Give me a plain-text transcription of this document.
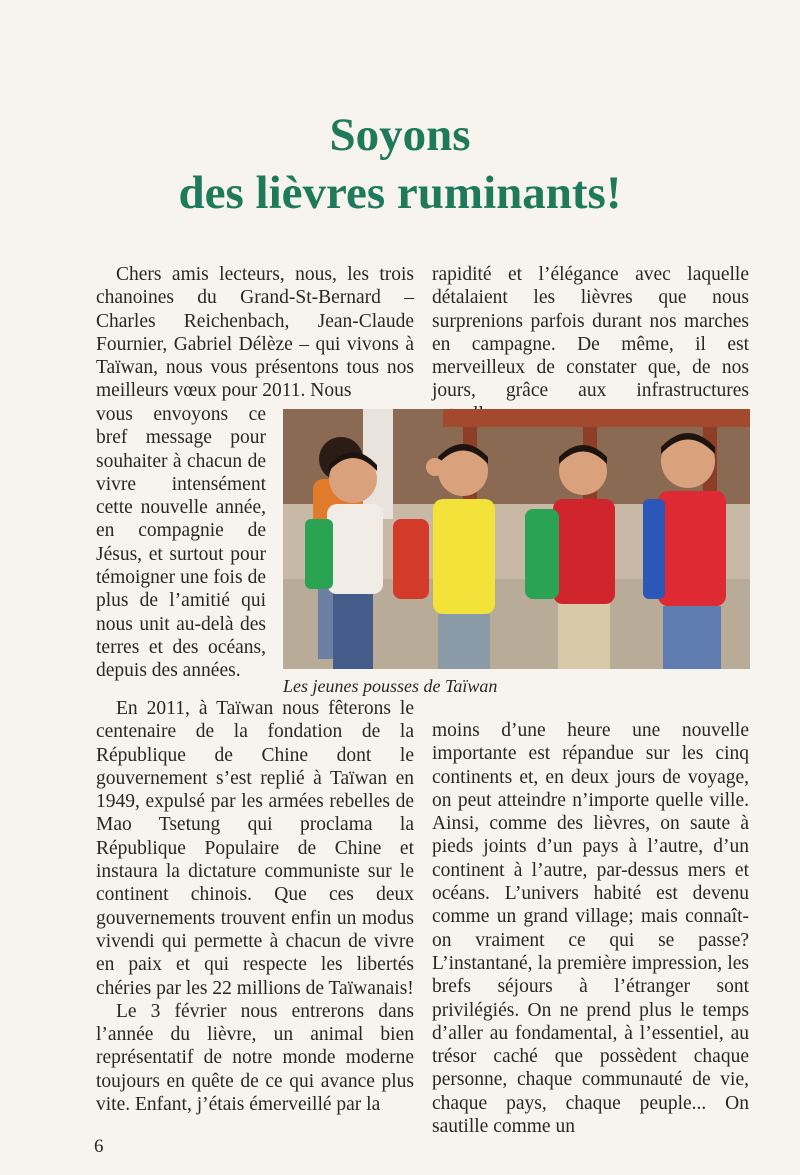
Soyons
des lièvres ruminants!

Chers amis lecteurs, nous, les trois chanoines du Grand-St-Bernard – Charles Reichenbach, Jean-Claude Fournier, Gabriel Délèze – qui vivons à Taïwan, nous vous présentons tous nos meilleurs vœux pour 2011. Nous

vous envoyons ce bref message pour souhaiter à chacun de vivre intensément cette nouvelle année, en compagnie de Jésus, et surtout pour témoigner une fois de plus de l’amitié qui nous unit au-delà des terres et des océans, depuis des années.

rapidité et l’élégance avec laquelle détalaient les lièvres que nous surprenions parfois durant nos marches en campagne. De même, il est merveilleux de constater que, de nos jours, grâce aux infrastructures

Les jeunes pousses de Taïwan

En 2011, à Taïwan nous fêterons le centenaire de la fondation de la République de Chine dont le gouvernement s’est replié à Taïwan en 1949, expulsé par les armées rebelles de Mao Tsetung qui proclama la République Populaire de Chine et instaura la dictature communiste sur le continent chinois. Que ces deux gouvernements trouvent enfin un modus vivendi qui permette à chacun de vivre en paix et qui respecte les libertés chéries par les 22 millions de Taïwanais!

Le 3 février nous entrerons dans l’année du lièvre, un animal bien représentatif de notre monde moderne toujours en quête de ce qui avance plus vite. Enfant, j’étais émerveillé par la

moins d’une heure une nouvelle importante est répandue sur les cinq continents et, en deux jours de voyage, on peut atteindre n’importe quelle ville. Ainsi, comme des lièvres, on saute à pieds joints d’un pays à l’autre, d’un continent à l’autre, par-dessus mers et océans. L’univers habité est devenu comme un grand village; mais connaît-on vraiment ce qui se passe? L’instantané, la première impression, les brefs séjours à l’étranger sont privilégiés. On ne prend plus le temps d’aller au fondamental, à l’essentiel, au trésor caché que possèdent chaque personne, chaque communauté de vie, chaque pays, chaque peuple... On sautille comme un

6
